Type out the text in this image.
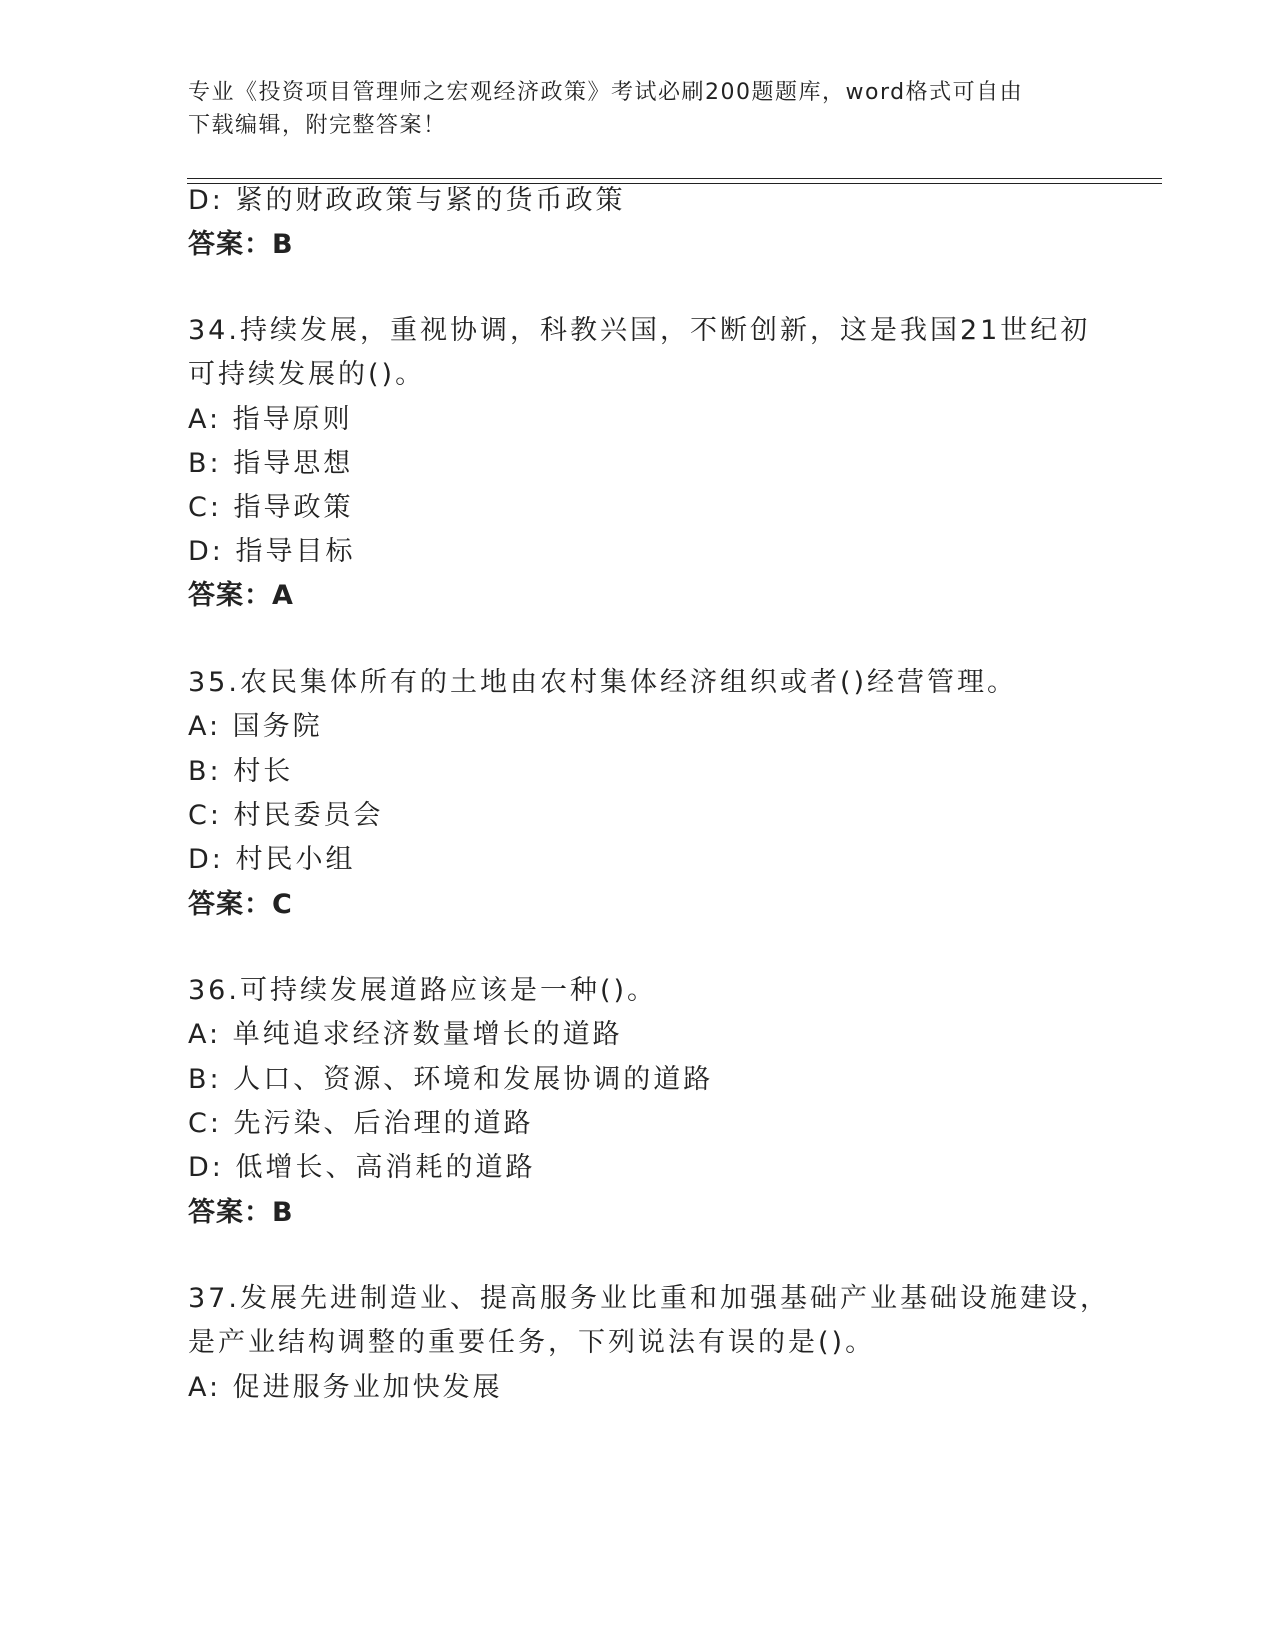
专业《投资项目管理师之宏观经济政策》考试必刷200题题库，word格式可自由
下载编辑，附完整答案！
D: 紧的财政政策与紧的货币政策
答案：B
34.持续发展，重视协调，科教兴国，不断创新，这是我国21世纪初
可持续发展的()。
A: 指导原则
B: 指导思想
C: 指导政策
D: 指导目标
答案：A
35.农民集体所有的土地由农村集体经济组织或者()经营管理。
A: 国务院
B: 村长
C: 村民委员会
D: 村民小组
答案：C
36.可持续发展道路应该是一种()。
A: 单纯追求经济数量增长的道路
B: 人口、资源、环境和发展协调的道路
C: 先污染、后治理的道路
D: 低增长、高消耗的道路
答案：B
37.发展先进制造业、提高服务业比重和加强基础产业基础设施建设，
是产业结构调整的重要任务，下列说法有误的是()。
A: 促进服务业加快发展
